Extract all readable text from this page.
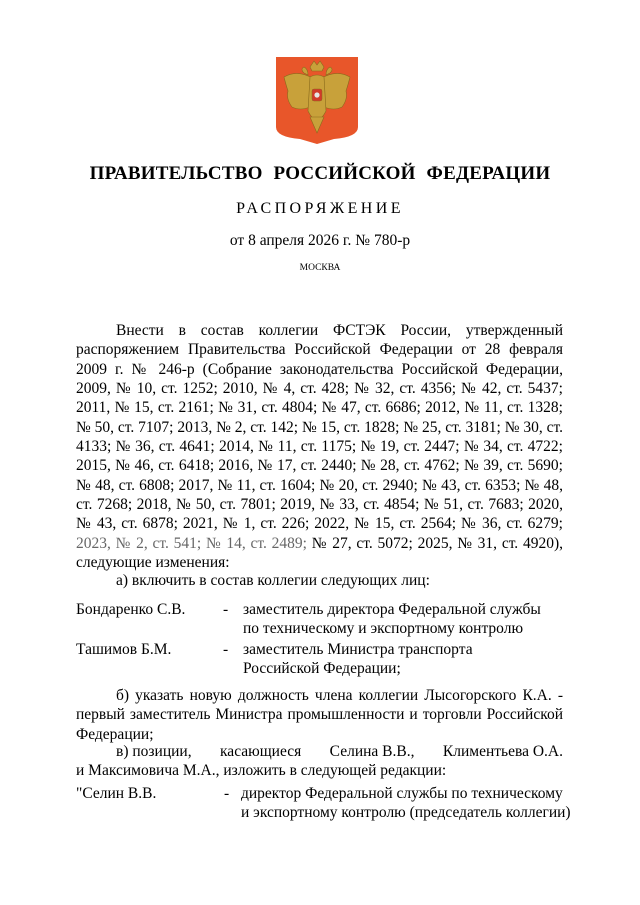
ПРАВИТЕЛЬСТВО РОССИЙСКОЙ ФЕДЕРАЦИИ
РАСПОРЯЖЕНИЕ
от 8 апреля 2026 г. № 780-р
МОСКВА

Внести в состав коллегии ФСТЭК России, утвержденный распоряжением Правительства Российской Федерации от 28 февраля 2009 г. № 246-р (Собрание законодательства Российской Федерации, 2009, № 10, ст. 1252; 2010, № 4, ст. 428; № 32, ст. 4356; № 42, ст. 5437; 2011, № 15, ст. 2161; № 31, ст. 4804; № 47, ст. 6686; 2012, № 11, ст. 1328; № 50, ст. 7107; 2013, № 2, ст. 142; № 15, ст. 1828; № 25, ст. 3181; № 30, ст. 4133; № 36, ст. 4641; 2014, № 11, ст. 1175; № 19, ст. 2447; № 34, ст. 4722; 2015, № 46, ст. 6418; 2016, № 17, ст. 2440; № 28, ст. 4762; № 39, ст. 5690; № 48, ст. 6808; 2017, № 11, ст. 1604; № 20, ст. 2940; № 43, ст. 6353; № 48, ст. 7268; 2018, № 50, ст. 7801; 2019, № 33, ст. 4854; № 51, ст. 7683; 2020, № 43, ст. 6878; 2021, № 1, ст. 226; 2022, № 15, ст. 2564; № 36, ст. 6279; 2023, № 2, ст. 541; № 14, ст. 2489; № 27, ст. 5072; 2025, № 31, ст. 4920), следующие изменения:

а) включить в состав коллегии следующих лиц:
Бондаренко С.В. - заместитель директора Федеральной службы
по техническому и экспортному контролю
Ташимов Б.М.	- заместитель Министра транспорта
Российской Федерации;

б) указать новую должность члена коллегии Лысогорского К.А. - первый заместитель Министра промышленности и торговли Российской Федерации;

в) позиции, касающиеся Селина В.В., Климентьева О.А.
и Максимовича М.А., изложить в следующей редакции:
"Селин В.В.	- директор Федеральной службы по техническому
и экспортному контролю (председатель коллегии)
